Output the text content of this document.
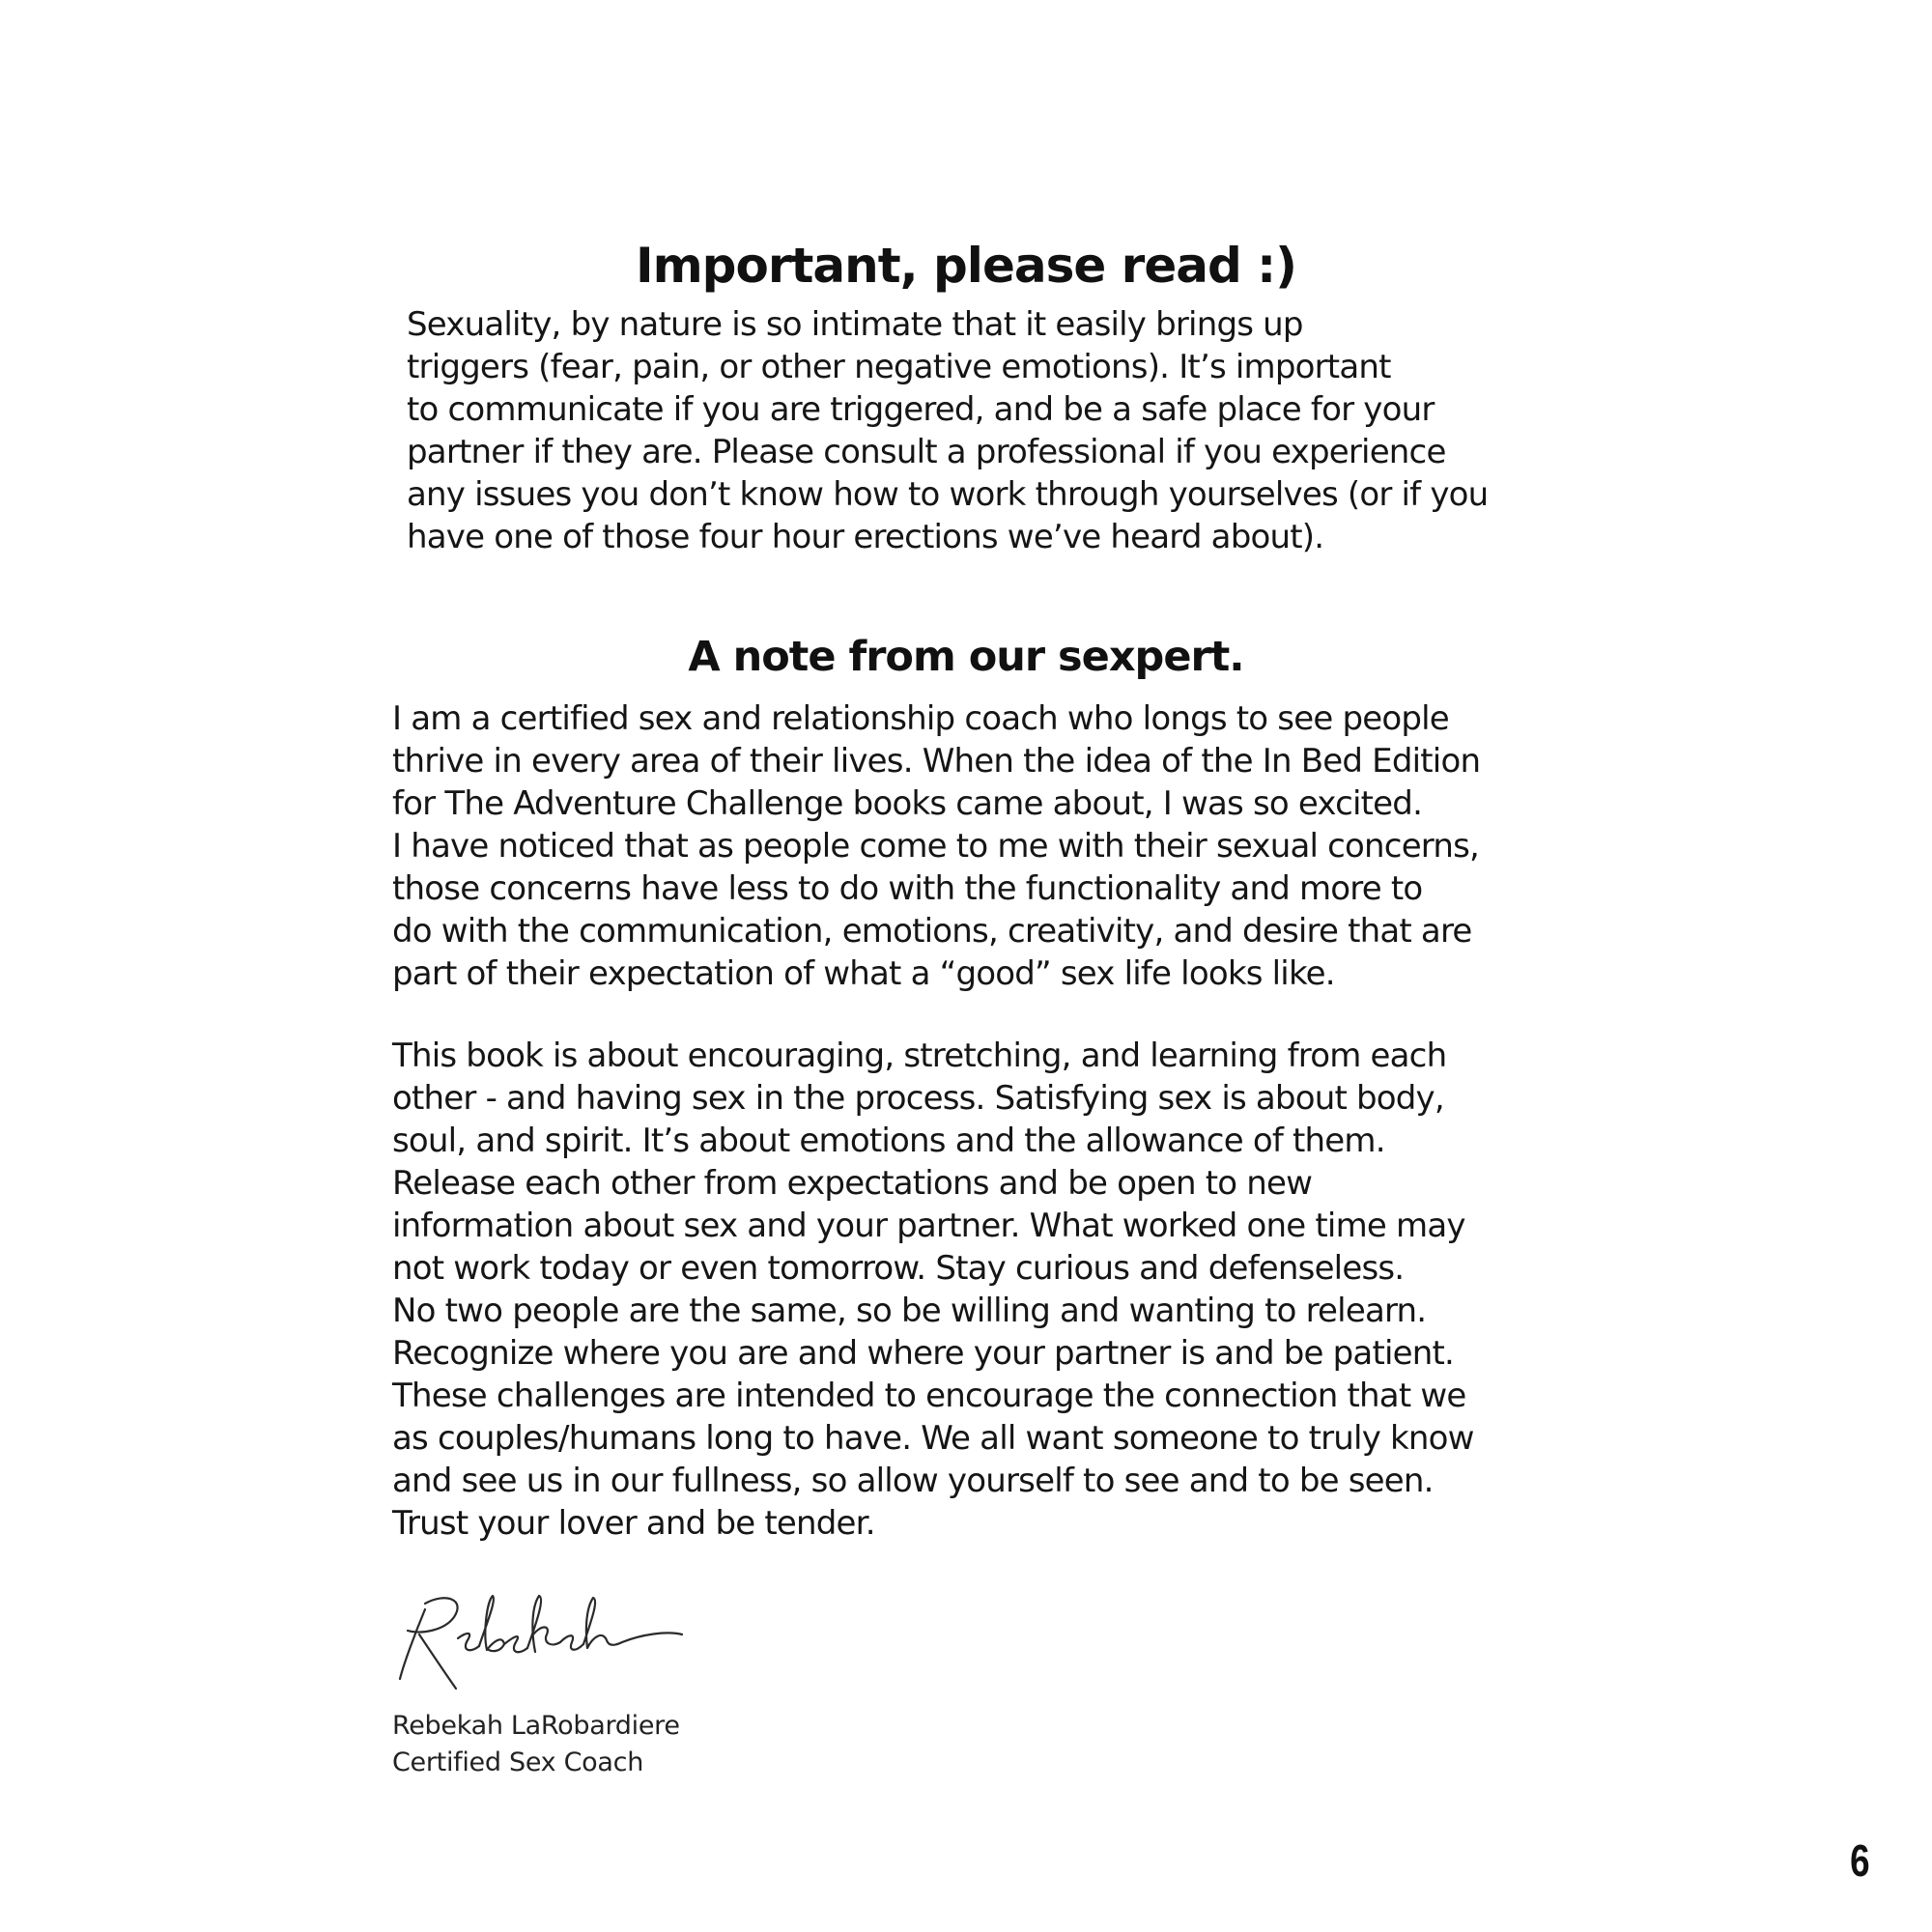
Important, please read :)
Sexuality, by nature is so intimate that it easily brings up
triggers (fear, pain, or other negative emotions). It’s important
to communicate if you are triggered, and be a safe place for your
partner if they are. Please consult a professional if you experience
any issues you don’t know how to work through yourselves (or if you
have one of those four hour erections we’ve heard about).
A note from our sexpert.
I am a certified sex and relationship coach who longs to see people
thrive in every area of their lives. When the idea of the In Bed Edition
for The Adventure Challenge books came about, I was so excited.
I have noticed that as people come to me with their sexual concerns,
those concerns have less to do with the functionality and more to
do with the communication, emotions, creativity, and desire that are
part of their expectation of what a “good” sex life looks like.
This book is about encouraging, stretching, and learning from each
other - and having sex in the process. Satisfying sex is about body,
soul, and spirit. It’s about emotions and the allowance of them.
Release each other from expectations and be open to new
information about sex and your partner. What worked one time may
not work today or even tomorrow. Stay curious and defenseless.
No two people are the same, so be willing and wanting to relearn.
Recognize where you are and where your partner is and be patient.
These challenges are intended to encourage the connection that we
as couples/humans long to have. We all want someone to truly know
and see us in our fullness, so allow yourself to see and to be seen.
Trust your lover and be tender.
Rebekah LaRobardiere
Certified Sex Coach
6
